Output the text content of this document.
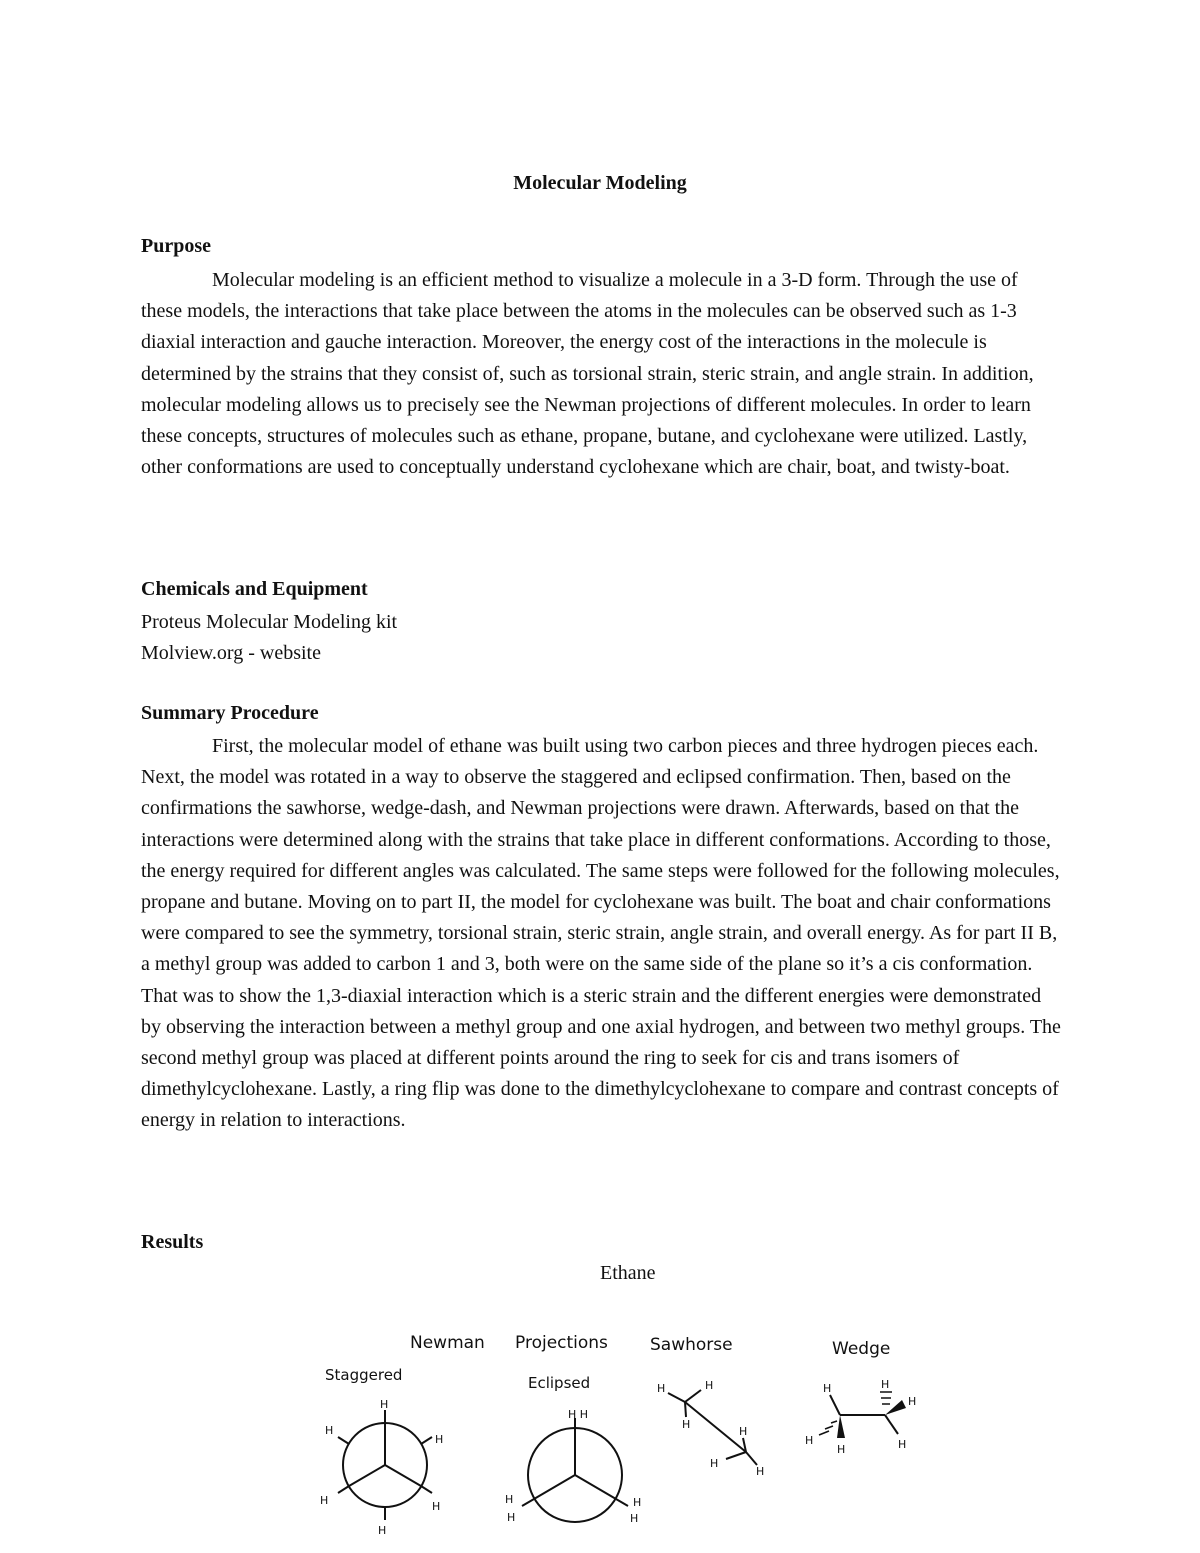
Molecular Modeling
Purpose

Molecular modeling is an efficient method to visualize a molecule in a 3-D form. Through the use of these models, the interactions that take place between the atoms in the molecules can be observed such as 1-3 diaxial interaction and gauche interaction. Moreover, the energy cost of the interactions in the molecule is determined by the strains that they consist of, such as torsional strain, steric strain, and angle strain. In addition, molecular modeling allows us to precisely see the Newman projections of different molecules. In order to learn these concepts, structures of molecules such as ethane, propane, butane, and cyclohexane were utilized. Lastly, other conformations are used to conceptually understand cyclohexane which are chair, boat, and twisty-boat.

Chemicals and Equipment
Proteus Molecular Modeling kit
Molview.org - website
Summary Procedure

First, the molecular model of ethane was built using two carbon pieces and three hydrogen pieces each. Next, the model was rotated in a way to observe the staggered and eclipsed confirmation. Then, based on the confirmations the sawhorse, wedge-dash, and Newman projections were drawn. Afterwards, based on that the interactions were determined along with the strains that take place in different conformations. According to those, the energy required for different angles was calculated. The same steps were followed for the following molecules, propane and butane. Moving on to part II, the model for cyclohexane was built. The boat and chair conformations were compared to see the symmetry, torsional strain, steric strain, angle strain, and overall energy. As for part II B, a methyl group was added to carbon 1 and 3, both were on the same side of the plane so it’s a cis conformation. That was to show the 1,3-diaxial interaction which is a steric strain and the different energies were demonstrated by observing the interaction between a methyl group and one axial hydrogen, and between two methyl groups. The second methyl group was placed at different points around the ring to seek for cis and trans isomers of dimethylcyclohexane. Lastly, a ring flip was done to the dimethylcyclohexane to compare and contrast concepts of energy in relation to interactions.

Results
Ethane
Newman Projections Sawhorse	Wedge
Staggered	Eclipsed
H
H
H
H	H
H
H H
H
H
H
H
H	H
H
H
H
H
H	H
H
H
H	H
